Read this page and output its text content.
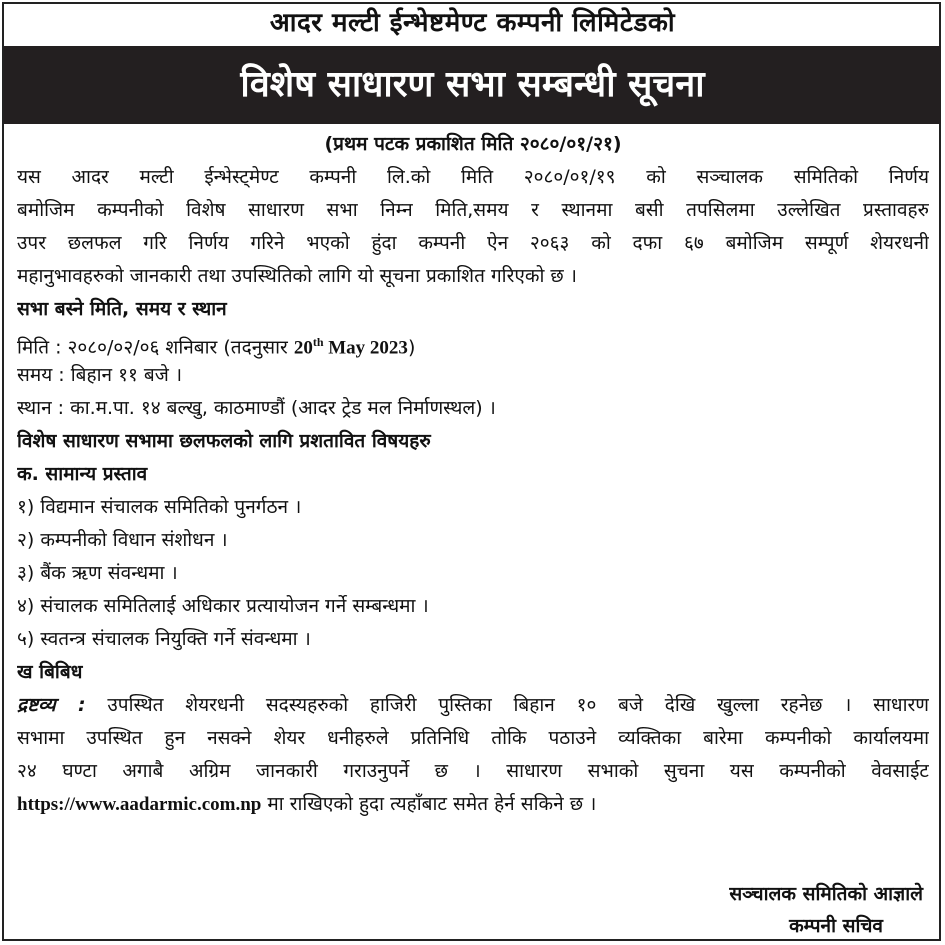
आदर मल्टी ईन्भेष्टमेण्ट कम्पनी लिमिटेडको
विशेष साधारण सभा सम्बन्धी सूचना
(प्रथम पटक प्रकाशित मिति २०८०/०१/२१)
यस आदर मल्टी ईन्भेस्ट्मेण्ट कम्पनी लि.को मिति २०८०/०१/१९ को सञ्चालक समितिको निर्णय
बमोजिम कम्पनीको विशेष साधारण सभा निम्न मिति,समय र स्थानमा बसी तपसिलमा उल्लेखित प्रस्तावहरु
उपर छलफल गरि निर्णय गरिने भएको हुंदा कम्पनी ऐन २०६३ को दफा ६७ बमोजिम सम्पूर्ण शेयरधनी
महानुभावहरुको जानकारी तथा उपस्थितिको लागि यो सूचना प्रकाशित गरिएको छ ।
सभा बस्ने मिति, समय र स्थान
मिति : २०८०/०२/०६ शनिबार (तदनुसार 20th May 2023)
समय : बिहान ११ बजे ।
स्थान : का.म.पा. १४ बल्खु, काठमाण्डौं (आदर ट्रेड मल निर्माणस्थल) ।
विशेष साधारण सभामा छलफलको लागि प्रशतावित विषयहरु
क. सामान्य प्रस्ताव
१) विद्यमान संचालक समितिको पुनर्गठन ।
२) कम्पनीको विधान संशोधन ।
३) बैंक ऋण संवन्धमा ।
४) संचालक समितिलाई अधिकार प्रत्यायोजन गर्ने सम्बन्धमा ।
५) स्वतन्त्र संचालक नियुक्ति गर्ने संवन्धमा ।
ख बिबिध
द्रष्टव्य : उपस्थित शेयरधनी सदस्यहरुको हाजिरी पुस्तिका बिहान १० बजे देखि खुल्ला रहनेछ । साधारण
सभामा उपस्थित हुन नसक्ने शेयर धनीहरुले प्रतिनिधि तोकि पठाउने व्यक्तिका बारेमा कम्पनीको कार्यालयमा
२४ घण्टा अगाबै अग्रिम जानकारी गराउनुपर्ने छ । साधारण सभाको सुचना यस कम्पनीको वेवसाईट
https://www.aadarmic.com.np मा राखिएको हुदा त्यहाँबाट समेत हेर्न सकिने छ ।
सञ्चालक समितिको आज्ञाले
कम्पनी सचिव
